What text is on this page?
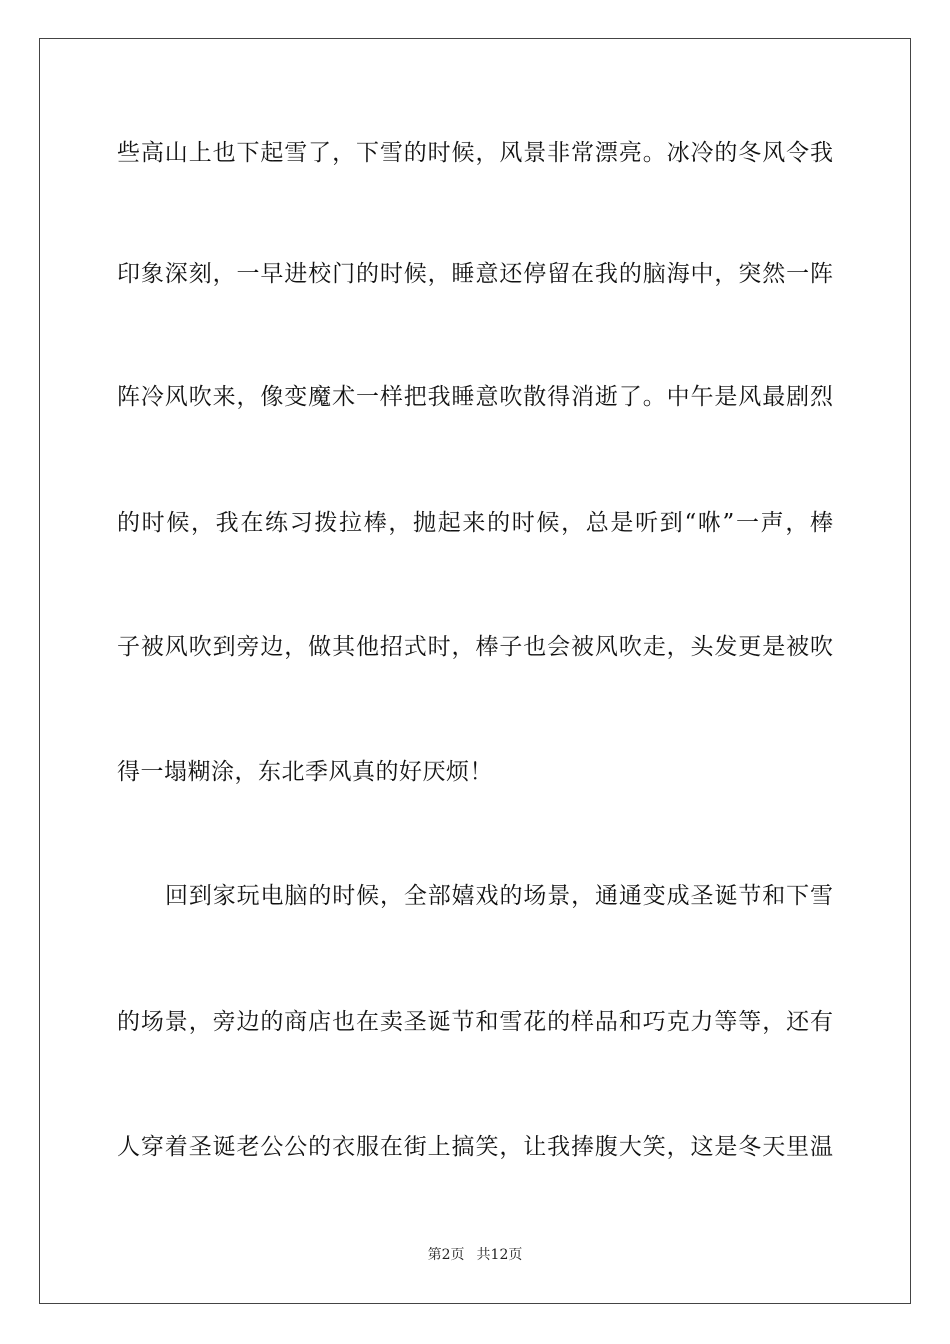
些高山上也下起雪了，下雪的时候，风景非常漂亮。冰冷的冬风令我
印象深刻，一早进校门的时候，睡意还停留在我的脑海中，突然一阵
阵冷风吹来，像变魔术一样把我睡意吹散得消逝了。中午是风最剧烈
的时候，我在练习拨拉棒，抛起来的时候，总是听到“咻”一声，棒
子被风吹到旁边，做其他招式时，棒子也会被风吹走，头发更是被吹
得一塌糊涂，东北季风真的好厌烦！
回到家玩电脑的时候，全部嬉戏的场景，通通变成圣诞节和下雪
的场景，旁边的商店也在卖圣诞节和雪花的样品和巧克力等等，还有
人穿着圣诞老公公的衣服在街上搞笑，让我捧腹大笑，这是冬天里温
第2页 共12页
